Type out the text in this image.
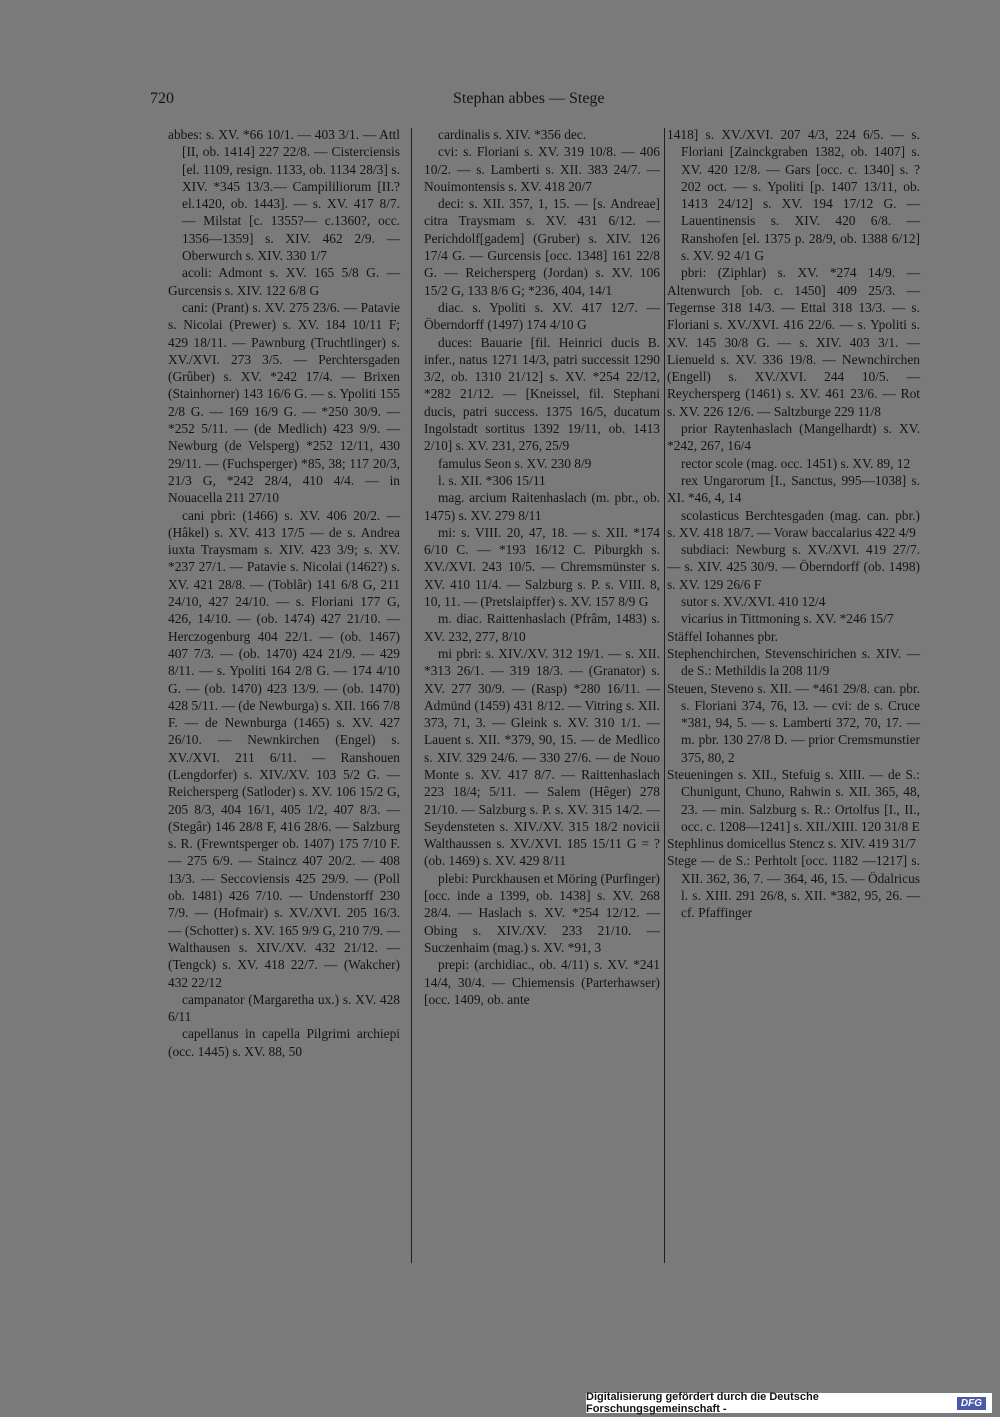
720	Stephan abbes — Stege

abbes: s. XV. *66 10/1. — 403 3/1. — Attl [II, ob. 1414] 227 22/8. — Cisterciensis [el. 1109, resign. 1133, ob. 1134 28/3] s. XIV. *345 13/3.— Campililiorum [II.? el.1420, ob. 1443]. — s. XV. 417 8/7. — Milstat [c. 1355?— c.1360?, occ. 1356—1359] s. XIV. 462 2/9. — Oberwurch s. XIV. 330 1/7

acoli: Admont s. XV. 165 5/8 G. — Gurcensis s. XIV. 122 6/8 G

cani: (Prant) s. XV. 275 23/6. — Patavie s. Nicolai (Prewer) s. XV. 184 10/11 F; 429 18/11. — Pawnburg (Truchtlinger) s. XV./XVI. 273 3/5. — Perchtersgaden (Grûber) s. XV. *242 17/4. — Brixen (Stainhorner) 143 16/6 G. — s. Ypoliti 155 2/8 G. — 169 16/9 G. — *250 30/9. — *252 5/11. — (de Medlich) 423 9/9. — Newburg (de Velsperg) *252 12/11, 430 29/11. — (Fuchsperger) *85, 38; 117 20/3, 21/3 G, *242 28/4, 410 4/4. — in Nouacella 211 27/10

cani pbri: (1466) s. XV. 406 20/2. — (Hâkel) s. XV. 413 17/5 — de s. Andrea iuxta Traysmam s. XIV. 423 3/9; s. XV. *237 27/1. — Patavie s. Nicolai (1462?) s. XV. 421 28/8. — (Toblâr) 141 6/8 G, 211 24/10, 427 24/10. — s. Floriani 177 G, 426, 14/10. — (ob. 1474) 427 21/10. — Herczogenburg 404 22/1. — (ob. 1467) 407 7/3. — (ob. 1470) 424 21/9. — 429 8/11. — s. Ypoliti 164 2/8 G. — 174 4/10 G. — (ob. 1470) 423 13/9. — (ob. 1470) 428 5/11. — (de Newburga) s. XII. 166 7/8 F. — de Newnburga (1465) s. XV. 427 26/10. — Newnkirchen (Engel) s. XV./XVI. 211 6/11. — Ranshouen (Lengdorfer) s. XIV./XV. 103 5/2 G. — Reichersperg (Satloder) s. XV. 106 15/2 G, 205 8/3, 404 16/1, 405 1/2, 407 8/3. — (Stegâr) 146 28/8 F, 416 28/6. — Salzburg s. R. (Frewntsperger ob. 1407) 175 7/10 F. — 275 6/9. — Staincz 407 20/2. — 408 13/3. — Seccoviensis 425 29/9. — (Poll ob. 1481) 426 7/10. — Undenstorff 230 7/9. — (Hofmair) s. XV./XVI. 205 16/3. — (Schotter) s. XV. 165 9/9 G, 210 7/9. — Walthausen s. XIV./XV. 432 21/12. — (Tengck) s. XV. 418 22/7. — (Wakcher) 432 22/12

campanator (Margaretha ux.) s. XV. 428 6/11

capellanus in capella Pilgrimi archiepi (occ. 1445) s. XV. 88, 50

cardinalis s. XIV. *356 dec.

cvi: s. Floriani s. XV. 319 10/8. — 406 10/2. — s. Lamberti s. XII. 383 24/7. — Nouimontensis s. XV. 418 20/7

deci: s. XII. 357, 1, 15. — [s. Andreae] citra Traysmam s. XV. 431 6/12. — Perichdolf[gadem] (Gruber) s. XIV. 126 17/4 G. — Gurcensis [occ. 1348] 161 22/8 G. — Reichersperg (Jordan) s. XV. 106 15/2 G, 133 8/6 G; *236, 404, 14/1

diac. s. Ypoliti s. XV. 417 12/7. — Öberndorff (1497) 174 4/10 G

duces: Bauarie [fil. Heinrici ducis B. infer., natus 1271 14/3, patri successit 1290 3/2, ob. 1310 21/12] s. XV. *254 22/12, *282 21/12. — [Kneissel, fil. Stephani ducis, patri success. 1375 16/5, ducatum Ingolstadt sortitus 1392 19/11, ob. 1413 2/10] s. XV. 231, 276, 25/9

famulus Seon s. XV. 230 8/9

l. s. XII. *306 15/11

mag. arcium Raitenhaslach (m. pbr., ob. 1475) s. XV. 279 8/11

mi: s. VIII. 20, 47, 18. — s. XII. *174 6/10 C. — *193 16/12 C. Piburgkh s. XV./XVI. 243 10/5. — Chremsmünster s. XV. 410 11/4. — Salzburg s. P. s. VIII. 8, 10, 11. — (Pretslaipffer) s. XV. 157 8/9 G

m. diac. Raittenhaslach (Pfrâm, 1483) s. XV. 232, 277, 8/10

mi pbri: s. XIV./XV. 312 19/1. — s. XII. *313 26/1. — 319 18/3. — (Granator) s. XV. 277 30/9. — (Rasp) *280 16/11. —Admünd (1459) 431 8/12. — Vitring s. XII. 373, 71, 3. — Gleink s. XV. 310 1/1. — Lauent s. XII. *379, 90, 15. — de Medlico s. XIV. 329 24/6. — 330 27/6. — de Nouo Monte s. XV. 417 8/7. — Raittenhaslach 223 18/4; 5/11. — Salem (Hêger) 278 21/10. — Salzburg s. P. s. XV. 315 14/2. — Seydensteten s. XIV./XV. 315 18/2 novicii Walthaussen s. XV./XVI. 185 15/11 G = ? (ob. 1469) s. XV. 429 8/11

plebi: Purckhausen et Möring (Purfinger) [occ. inde a 1399, ob. 1438] s. XV. 268 28/4. — Haslach s. XV. *254 12/12. — Obing s. XIV./XV. 233 21/10. — Suczenhaim (mag.) s. XV. *91, 3

prepi: (archidiac., ob. 4/11) s. XV. *241 14/4, 30/4. — Chiemensis (Parterhawser) [occ. 1409, ob. ante

1418] s. XV./XVI. 207 4/3, 224 6/5. — s. Floriani [Zainckgraben 1382, ob. 1407] s. XV. 420 12/8. — Gars [occ. c. 1340] s. ? 202 oct. — s. Ypoliti [p. 1407 13/11, ob. 1413 24/12] s. XV. 194 17/12 G. — Lauentinensis s. XIV. 420 6/8. — Ranshofen [el. 1375 p. 28/9, ob. 1388 6/12] s. XV. 92 4/1 G

pbri: (Ziphlar) s. XV. *274 14/9. — Altenwurch [ob. c. 1450] 409 25/3. — Tegernse 318 14/3. — Ettal 318 13/3. — s. Floriani s. XV./XVI. 416 22/6. — s. Ypoliti s. XV. 145 30/8 G. — s. XIV. 403 3/1. — Lienueld s. XV. 336 19/8. — Newnchirchen (Engell) s. XV./XVI. 244 10/5. — Reychersperg (1461) s. XV. 461 23/6. — Rot s. XV. 226 12/6. — Saltzburge 229 11/8

prior Raytenhaslach (Mangelhardt) s. XV. *242, 267, 16/4

rector scole (mag. occ. 1451) s. XV. 89, 12

rex Ungarorum [I., Sanctus, 995—1038] s. XI. *46, 4, 14

scolasticus Berchtesgaden (mag. can. pbr.) s. XV. 418 18/7. — Voraw baccalarius 422 4/9

subdiaci: Newburg s. XV./XVI. 419 27/7. — s. XIV. 425 30/9. — Öberndorff (ob. 1498) s. XV. 129 26/6 F

sutor s. XV./XVI. 410 12/4

vicarius in Tittmoning s. XV. *246 15/7

Stäffel Iohannes pbr.

Stephenchirchen, Stevenschirichen s. XIV. — de S.: Methildis la 208 11/9

Steuen, Steveno s. XII. — *461 29/8. can. pbr. s. Floriani 374, 76, 13. — cvi: de s. Cruce *381, 94, 5. — s. Lamberti 372, 70, 17. — m. pbr. 130 27/8 D. — prior Cremsmunstier 375, 80, 2

Steueningen s. XII., Stefuig s. XIII. — de S.: Chunigunt, Chuno, Rahwin s. XII. 365, 48, 23. — min. Salzburg s. R.: Ortolfus [I., II., occ. c. 1208—1241] s. XII./XIII. 120 31/8 E

Stephlinus domicellus Stencz s. XIV. 419 31/7

Stege — de S.: Perhtolt [occ. 1182 —1217] s. XII. 362, 36, 7. — 364, 46, 15. — Ödalricus l. s. XIII. 291 26/8, s. XII. *382, 95, 26. — cf. Pfaffinger

Digitalisierung gefördert durch die Deutsche Forschungsgemeinschaft -	DFG
